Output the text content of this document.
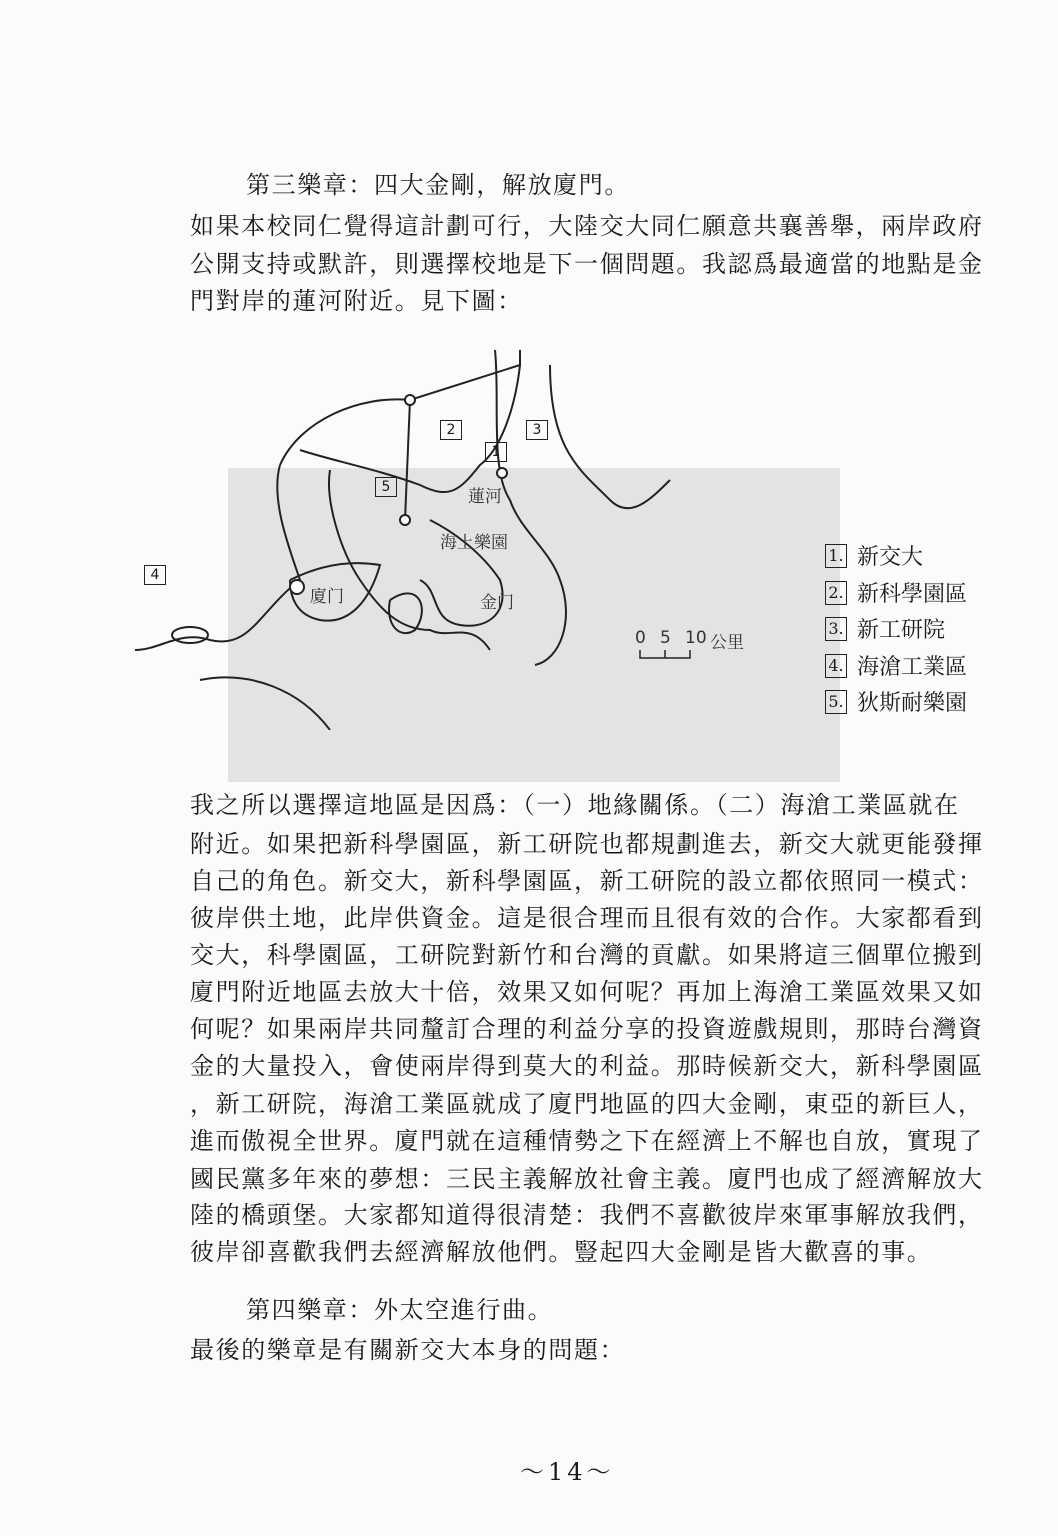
第三樂章：四大金剛，解放廈門。
如果本校同仁覺得這計劃可行，大陸交大同仁願意共襄善舉，兩岸政府
公開支持或默許，則選擇校地是下一個問題。我認爲最適當的地點是金
門對岸的蓮河附近。見下圖：
2	3
1
5
4
蓮河
海上樂園
廈门	金门
0 5 10 公里
1. 新交大
2. 新科學園區
3. 新工研院
4. 海滄工業區
5. 狄斯耐樂園
我之所以選擇這地區是因爲：（一）地緣關係。（二）海滄工業區就在
附近。如果把新科學園區，新工研院也都規劃進去，新交大就更能發揮
自己的角色。新交大，新科學園區，新工研院的設立都依照同一模式：
彼岸供土地，此岸供資金。這是很合理而且很有效的合作。大家都看到
交大，科學園區，工研院對新竹和台灣的貢獻。如果將這三個單位搬到
廈門附近地區去放大十倍，效果又如何呢？再加上海滄工業區效果又如
何呢？如果兩岸共同釐訂合理的利益分享的投資遊戲規則，那時台灣資
金的大量投入，會使兩岸得到莫大的利益。那時候新交大，新科學園區
，新工研院，海滄工業區就成了廈門地區的四大金剛，東亞的新巨人，
進而傲視全世界。廈門就在這種情勢之下在經濟上不解也自放，實現了
國民黨多年來的夢想：三民主義解放社會主義。廈門也成了經濟解放大
陸的橋頭堡。大家都知道得很清楚：我們不喜歡彼岸來軍事解放我們，
彼岸卻喜歡我們去經濟解放他們。豎起四大金剛是皆大歡喜的事。
第四樂章：外太空進行曲。
最後的樂章是有關新交大本身的問題：
～14～
